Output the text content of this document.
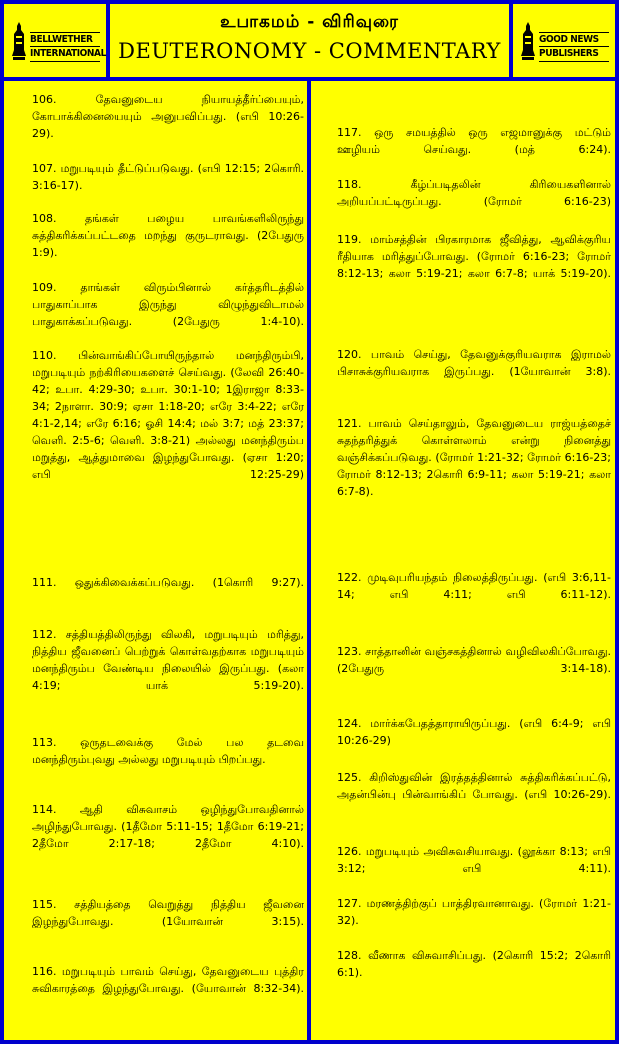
BELLWETHER
INTERNATIONAL
உபாகமம் - விரிவுரை
DEUTERONOMY - COMMENTARY	GOOD NEWS
PUBLISHERS
106. தேவனுடைய நியாயத்தீர்ப்பையும், கோபாக்கினையையும் அனுபவிப்பது. (எபி 10:26-29).
107. மறுபடியும் தீட்டுப்படுவது. (எபி 12:15; 2கொரி. 3:16-17).
108. தங்கள் பழைய பாவங்களிலிருந்து சுத்திகரிக்கப்பட்டதை மறந்து குருடராவது. (2பேதுரு 1:9).
109. தாங்கள் விரும்பினால் கர்த்தரிடத்தில் பாதுகாப்பாக இருந்து விழுந்துவிடாமல் பாதுகாக்கப்படுவது. (2பேதுரு 1:4-10).
110. பின்வாங்கிப்போயிருந்தால் மனந்திரும்பி, மறுபடியும் நற்கிரியைகளைச் செய்வது. (லேவி 26:40-42; உபா. 4:29-30; உபா. 30:1-10; 1இராஜா 8:33-34; 2நாளா. 30:9; ஏசா 1:18-20; எரே 3:4-22; எரே 4:1-2,14; எரே 6:16; ஓசி 14:4; மல் 3:7; மத் 23:37; வெளி. 2:5-6; வெளி. 3:8-21) அல்லது மனந்திரும்ப மறுத்து, ஆத்துமாவை இழந்துபோவது. (ஏசா 1:20; எபி 12:25-29)
111. ஒதுக்கிவைக்கப்படுவது. (1கொரி 9:27).
112. சத்தியத்திலிருந்து விலகி, மறுபடியும் மரித்து, நித்திய ஜீவனைப் பெற்றுக் கொள்வதற்காக மறுபடியும் மனந்திரும்ப வேண்டிய நிலையில் இருப்பது. (கலா 4:19; யாக் 5:19-20).
113. ஒருதடவைக்கு மேல் பல தடவை மனந்திரும்புவது அல்லது மறுபடியும் பிறப்பது.
114. ஆதி விசுவாசம் ஒழிந்துபோவதினால் அழிந்துபோவது. (1தீமோ 5:11-15; 1தீமோ 6:19-21; 2தீமோ 2:17-18; 2தீமோ 4:10).
115. சத்தியத்தை வெறுத்து நித்திய ஜீவனை இழந்துபோவது. (1யோவான் 3:15).
116. மறுபடியும் பாவம் செய்து, தேவனுடைய புத்திர சுவிகாரத்தை இழந்துபோவது. (யோவான் 8:32-34).
117. ஒரு சமயத்தில் ஒரு எஜமானுக்கு மட்டும் ஊழியம் செய்வது. (மத் 6:24).
118. கீழ்ப்படிதலின் கிரியைகளினால் அறியப்பட்டிருப்பது. (ரோமர் 6:16-23)
119. மாம்சத்தின் பிரகாரமாக ஜீவித்து, ஆவிக்குரிய ரீதியாக மரித்துப்போவது. (ரோமர் 6:16-23; ரோமர் 8:12-13; கலா 5:19-21; கலா 6:7-8; யாக் 5:19-20).
120. பாவம் செய்து, தேவனுக்குரியவராக இராமல் பிசாசுக்குரியவராக இருப்பது. (1யோவான் 3:8).
121. பாவம் செய்தாலும், தேவனுடைய ராஜ்யத்தைச் சுதந்தரித்துக் கொள்ளலாம் என்று நினைத்து வஞ்சிக்கப்படுவது. (ரோமர் 1:21-32; ரோமர் 6:16-23; ரோமர் 8:12-13; 2கொரி 6:9-11; கலா 5:19-21; கலா 6:7-8).
122. முடிவுபரியந்தம் நிலைத்திருப்பது. (எபி 3:6,11-14; எபி 4:11; எபி 6:11-12).
123. சாத்தானின் வஞ்சகத்தினால் வழிவிலகிப்போவது. (2பேதுரு 3:14-18).
124. மார்க்கபேதத்தாராயிருப்பது. (எபி 6:4-9; எபி 10:26-29)
125. கிறிஸ்துவின் இரத்தத்தினால் சுத்திகரிக்கப்பட்டு, அதன்பின்பு பின்வாங்கிப் போவது. (எபி 10:26-29).
126. மறுபடியும் அவிசுவசியாவது. (லூக்கா 8:13; எபி 3:12; எபி 4:11).
127. மரணத்திற்குப் பாத்திரவானாவது. (ரோமர் 1:21-32).
128. வீணாக விசுவாசிப்பது. (2கொரி 15:2; 2கொரி 6:1).
